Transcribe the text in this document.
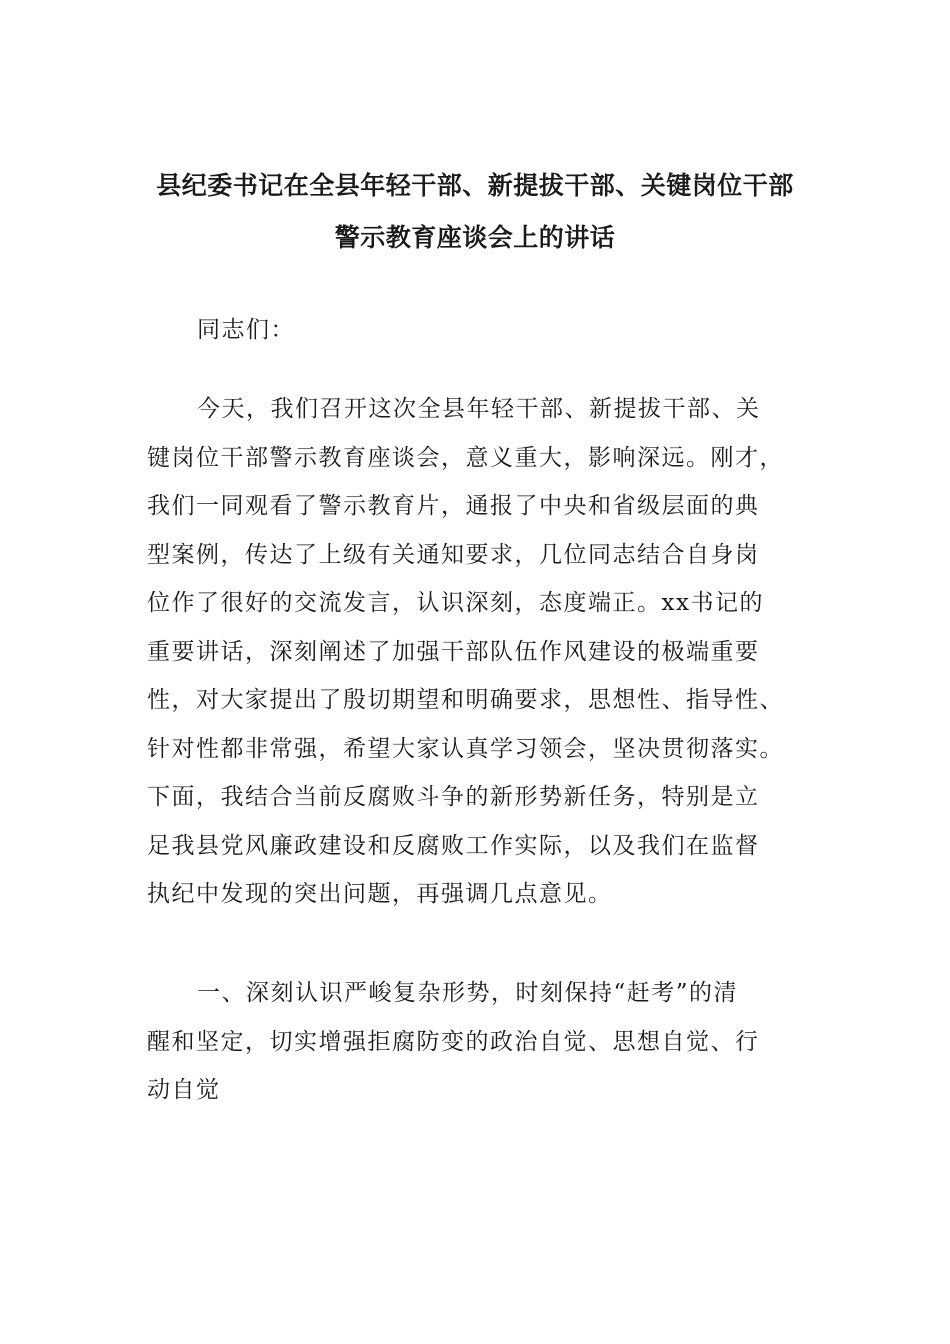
县纪委书记在全县年轻干部、新提拔干部、关键岗位干部
警示教育座谈会上的讲话

同志们：

今天，我们召开这次全县年轻干部、新提拔干部、关
键岗位干部警示教育座谈会，意义重大，影响深远。刚才，
我们一同观看了警示教育片，通报了中央和省级层面的典
型案例，传达了上级有关通知要求，几位同志结合自身岗
位作了很好的交流发言，认识深刻，态度端正。xx书记的
重要讲话，深刻阐述了加强干部队伍作风建设的极端重要
性，对大家提出了殷切期望和明确要求，思想性、指导性、
针对性都非常强，希望大家认真学习领会，坚决贯彻落实。
下面，我结合当前反腐败斗争的新形势新任务，特别是立
足我县党风廉政建设和反腐败工作实际，以及我们在监督
执纪中发现的突出问题，再强调几点意见。

一、深刻认识严峻复杂形势，时刻保持“赶考”的清
醒和坚定，切实增强拒腐防变的政治自觉、思想自觉、行
动自觉
